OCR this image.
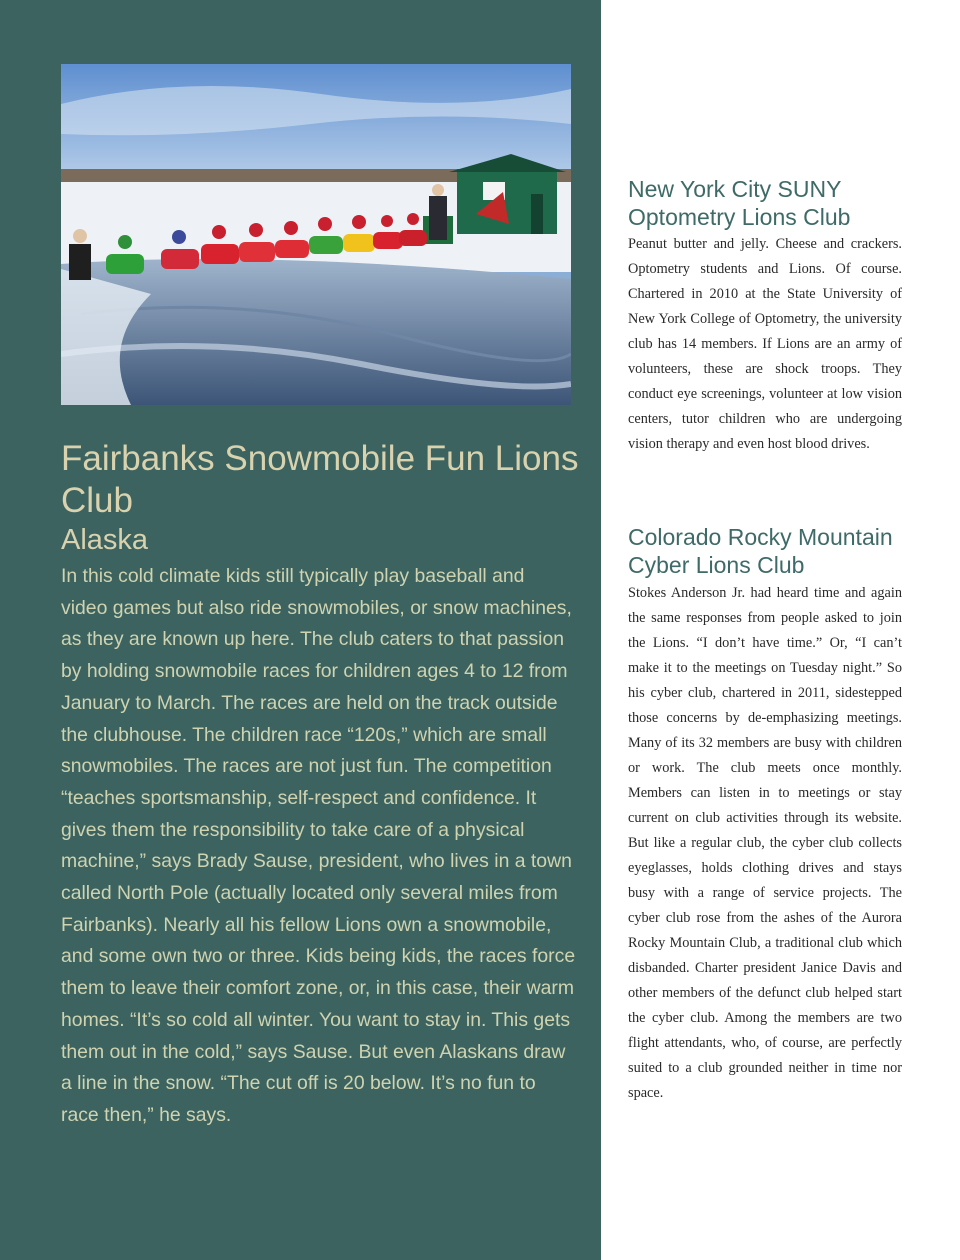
Fairbanks Snowmobile Fun Lions Club
Alaska

In this cold climate kids still typically play baseball and video games but also ride snowmobiles, or snow machines, as they are known up here. The club caters to that passion by holding snowmobile races for children ages 4 to 12 from January to March. The races are held on the track outside the clubhouse. The children race “120s,” which are small snowmobiles. The races are not just fun. The competition “teaches sportsmanship, self-respect and confidence. It gives them the responsibility to take care of a physical machine,” says Brady Sause, president, who lives in a town called North Pole (actually located only several miles from Fairbanks). Nearly all his fellow Lions own a snowmobile, and some own two or three. Kids being kids, the races force them to leave their comfort zone, or, in this case, their warm homes. “It’s so cold all winter. You want to stay in. This gets them out in the cold,” says Sause. But even Alaskans draw a line in the snow. “The cut off is 20 below. It’s no fun to race then,” he says.

New York City SUNY Optometry Lions Club

Peanut butter and jelly. Cheese and crackers. Optometry students and Lions. Of course. Chartered in 2010 at the State University of New York College of Optometry, the university club has 14 members. If Lions are an army of volunteers, these are shock troops. They conduct eye screenings, volunteer at low vision centers, tutor children who are undergoing vision therapy and even host blood drives.

Colorado Rocky Mountain Cyber Lions Club

Stokes Anderson Jr. had heard time and again the same responses from people asked to join the Lions. “I don’t have time.” Or, “I can’t make it to the meetings on Tuesday night.” So his cyber club, chartered in 2011, sidestepped those concerns by de-emphasizing meetings. Many of its 32 members are busy with children or work. The club meets once monthly. Members can listen in to meetings or stay current on club activities through its website. But like a regular club, the cyber club collects eyeglasses, holds clothing drives and stays busy with a range of service projects. The cyber club rose from the ashes of the Aurora Rocky Mountain Club, a traditional club which disbanded. Charter president Janice Davis and other members of the defunct club helped start the cyber club. Among the members are two flight attendants, who, of course, are perfectly suited to a club grounded neither in time nor space.
